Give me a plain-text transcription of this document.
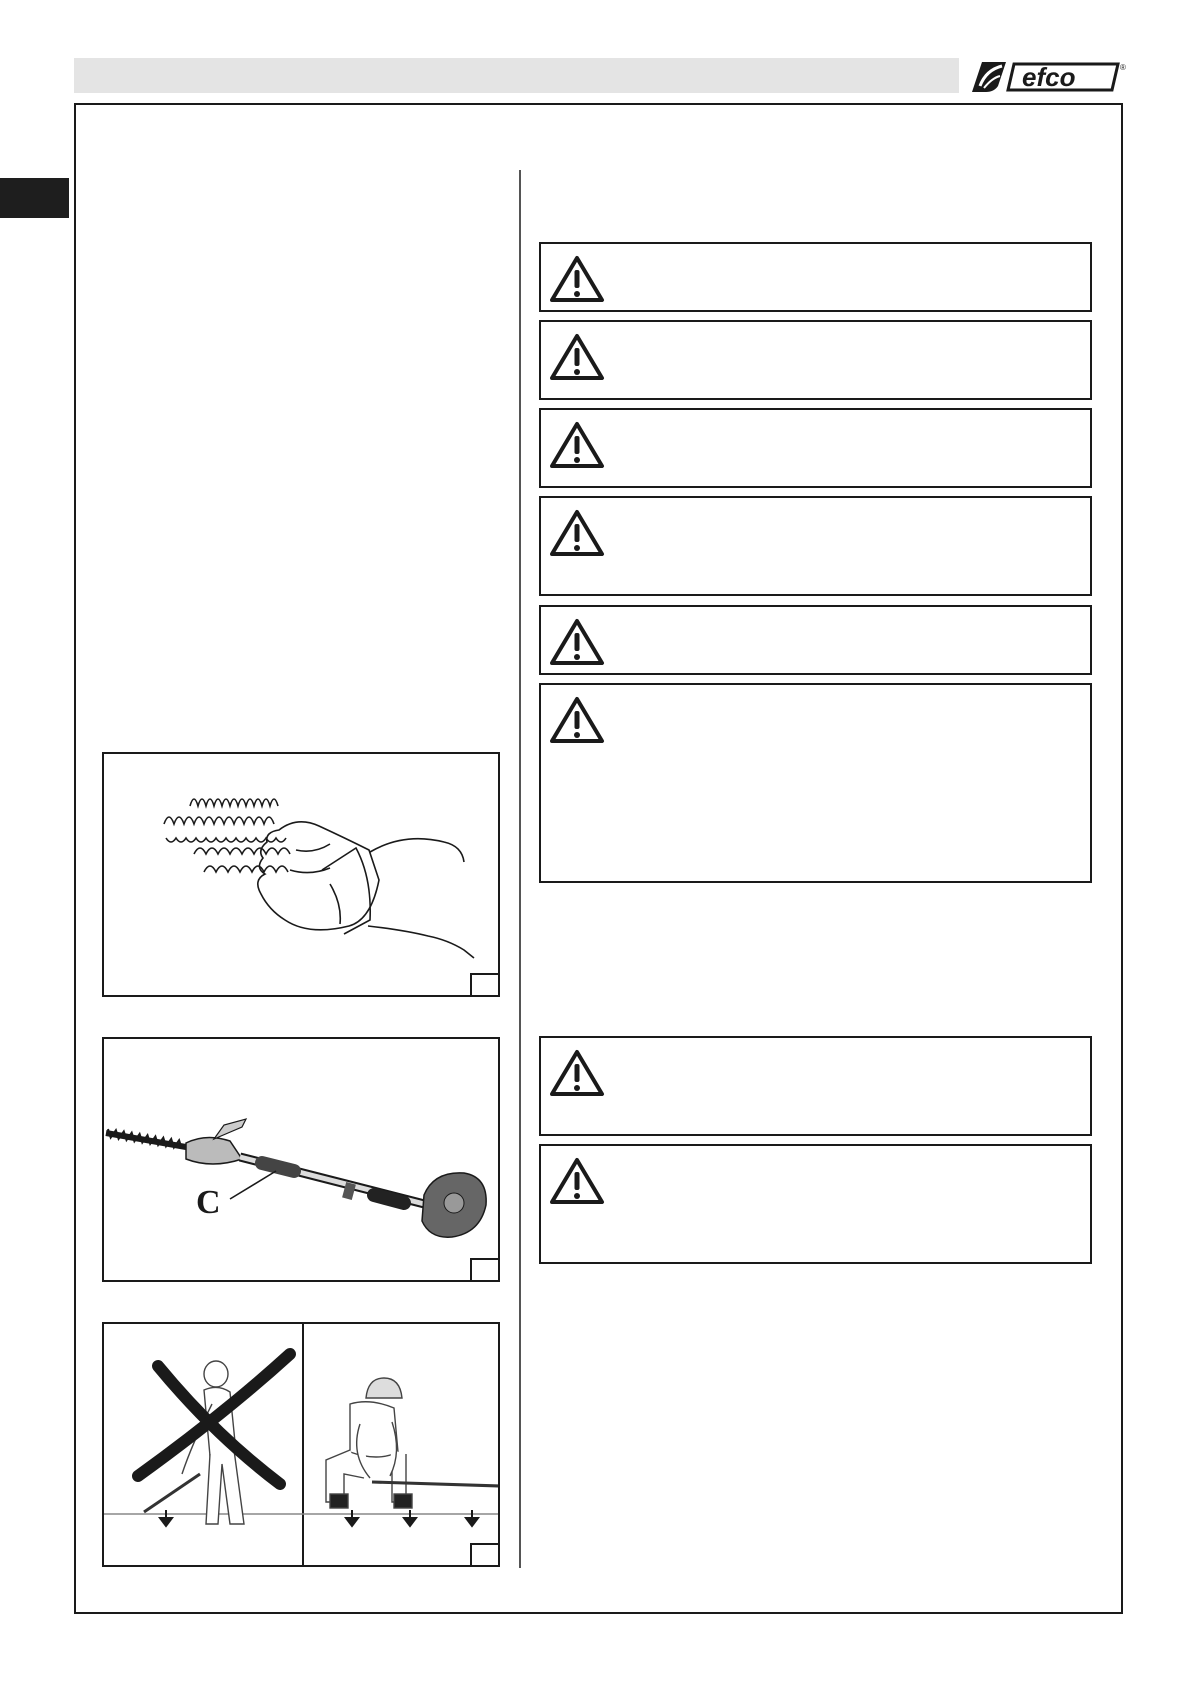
efco	®
C
